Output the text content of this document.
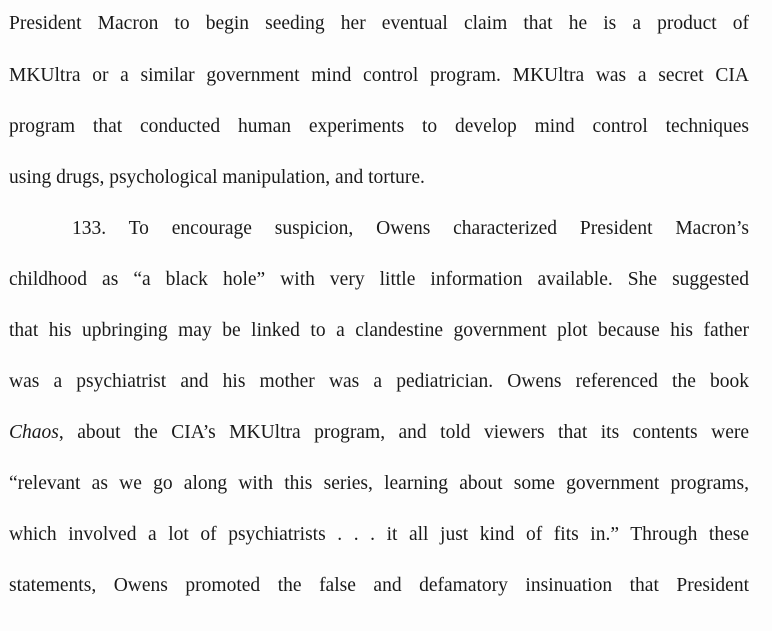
President Macron to begin seeding her eventual claim that he is a product of
MKUltra or a similar government mind control program. MKUltra was a secret CIA
program that conducted human experiments to develop mind control techniques
using drugs, psychological manipulation, and torture.
133. To encourage suspicion, Owens characterized President Macron’s
childhood as “a black hole” with very little information available. She suggested
that his upbringing may be linked to a clandestine government plot because his father
was a psychiatrist and his mother was a pediatrician. Owens referenced the book
Chaos, about the CIA’s MKUltra program, and told viewers that its contents were
“relevant as we go along with this series, learning about some government programs,
which involved a lot of psychiatrists . . . it all just kind of fits in.” Through these
statements, Owens promoted the false and defamatory insinuation that President
